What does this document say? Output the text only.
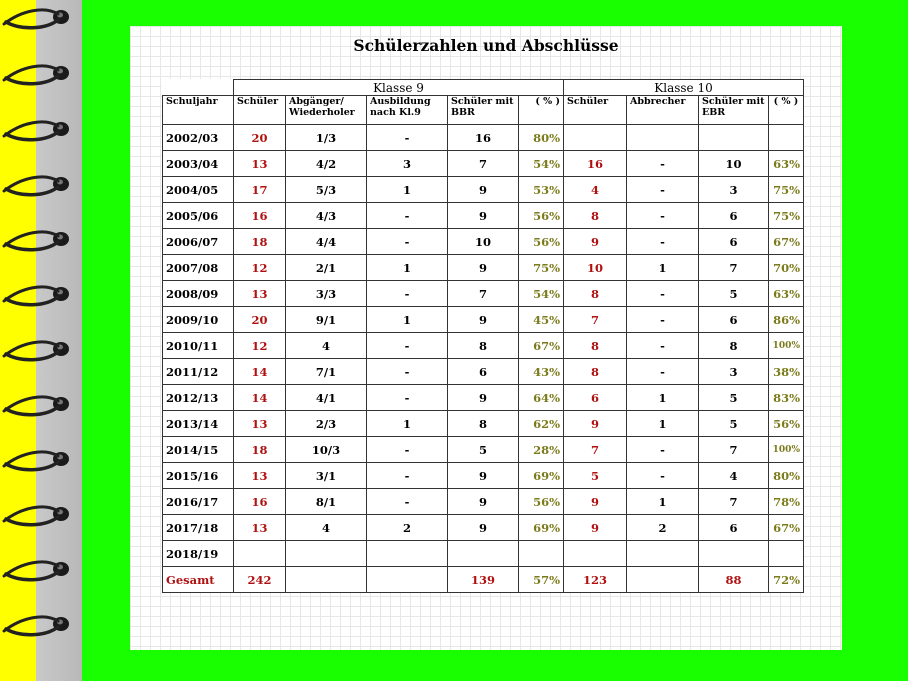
Schülerzahlen und Abschlüsse
	Klasse 9					Klasse 10			
Schuljahr	Schüler	Abgänger/ Wiederholer	Ausbildung nach Kl.9	Schüler mit BBR	( % )	Schüler	Abbrecher	Schüler mit EBR	( % )
2002/03	20	1/3	-	16	80%				
2003/04	13	4/2	3	7	54%	16	-	10	63%
2004/05	17	5/3	1	9	53%	4	-	3	75%
2005/06	16	4/3	-	9	56%	8	-	6	75%
2006/07	18	4/4	-	10	56%	9	-	6	67%
2007/08	12	2/1	1	9	75%	10	1	7	70%
2008/09	13	3/3	-	7	54%	8	-	5	63%
2009/10	20	9/1	1	9	45%	7	-	6	86%
2010/11	12	4	-	8	67%	8	-	8	100%
2011/12	14	7/1	-	6	43%	8	-	3	38%
2012/13	14	4/1	-	9	64%	6	1	5	83%
2013/14	13	2/3	1	8	62%	9	1	5	56%
2014/15	18	10/3	-	5	28%	7	-	7	100%
2015/16	13	3/1	-	9	69%	5	-	4	80%
2016/17	16	8/1	-	9	56%	9	1	7	78%
2017/18	13	4	2	9	69%	9	2	6	67%
2018/19									
Gesamt	242			139	57%	123		88	72%
